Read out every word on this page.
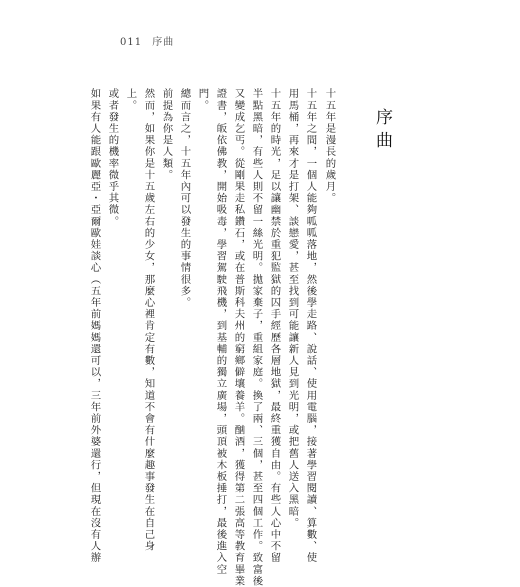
011 序曲
序曲
十五年是漫長的歲月。
十五年之間，一個人能夠呱呱落地，然後學走路、說話、使用電腦，接著學習閱讀、算數、使
用馬桶，再來才是打架、談戀愛，甚至找到可能讓新人見到光明，或把舊人送入黑暗。
十五年的時光，足以讓幽禁於重犯監獄的囚手經歷各層地獄，最終重獲自由。有些人心中不留
半點黑暗，有些人則不留一絲光明。拋家棄子，重組家庭。換了兩、三個，甚至四個工作。致富後
又變成乞丐。從剛果走私鑽石，或在普斯科夫州的窮鄉僻壤養羊。酗酒，獲得第二張高等教育畢業
證書，皈依佛教，開始吸毒，學習駕駛飛機，到基輔的獨立廣場，頭頂被木板捶打，最後進入空
門。
總而言之，十五年內可以發生的事情很多。
前提為你是人類。
然而，如果你是十五歲左右的少女，那麼心裡肯定有數，知道不會有什麼趣事發生在自己身
上。
或者發生的機率微乎其微。
如果有人能跟歐麗亞・亞爾歐娃談心（五年前媽媽還可以，三年前外婆還行，但現在沒有人辦
